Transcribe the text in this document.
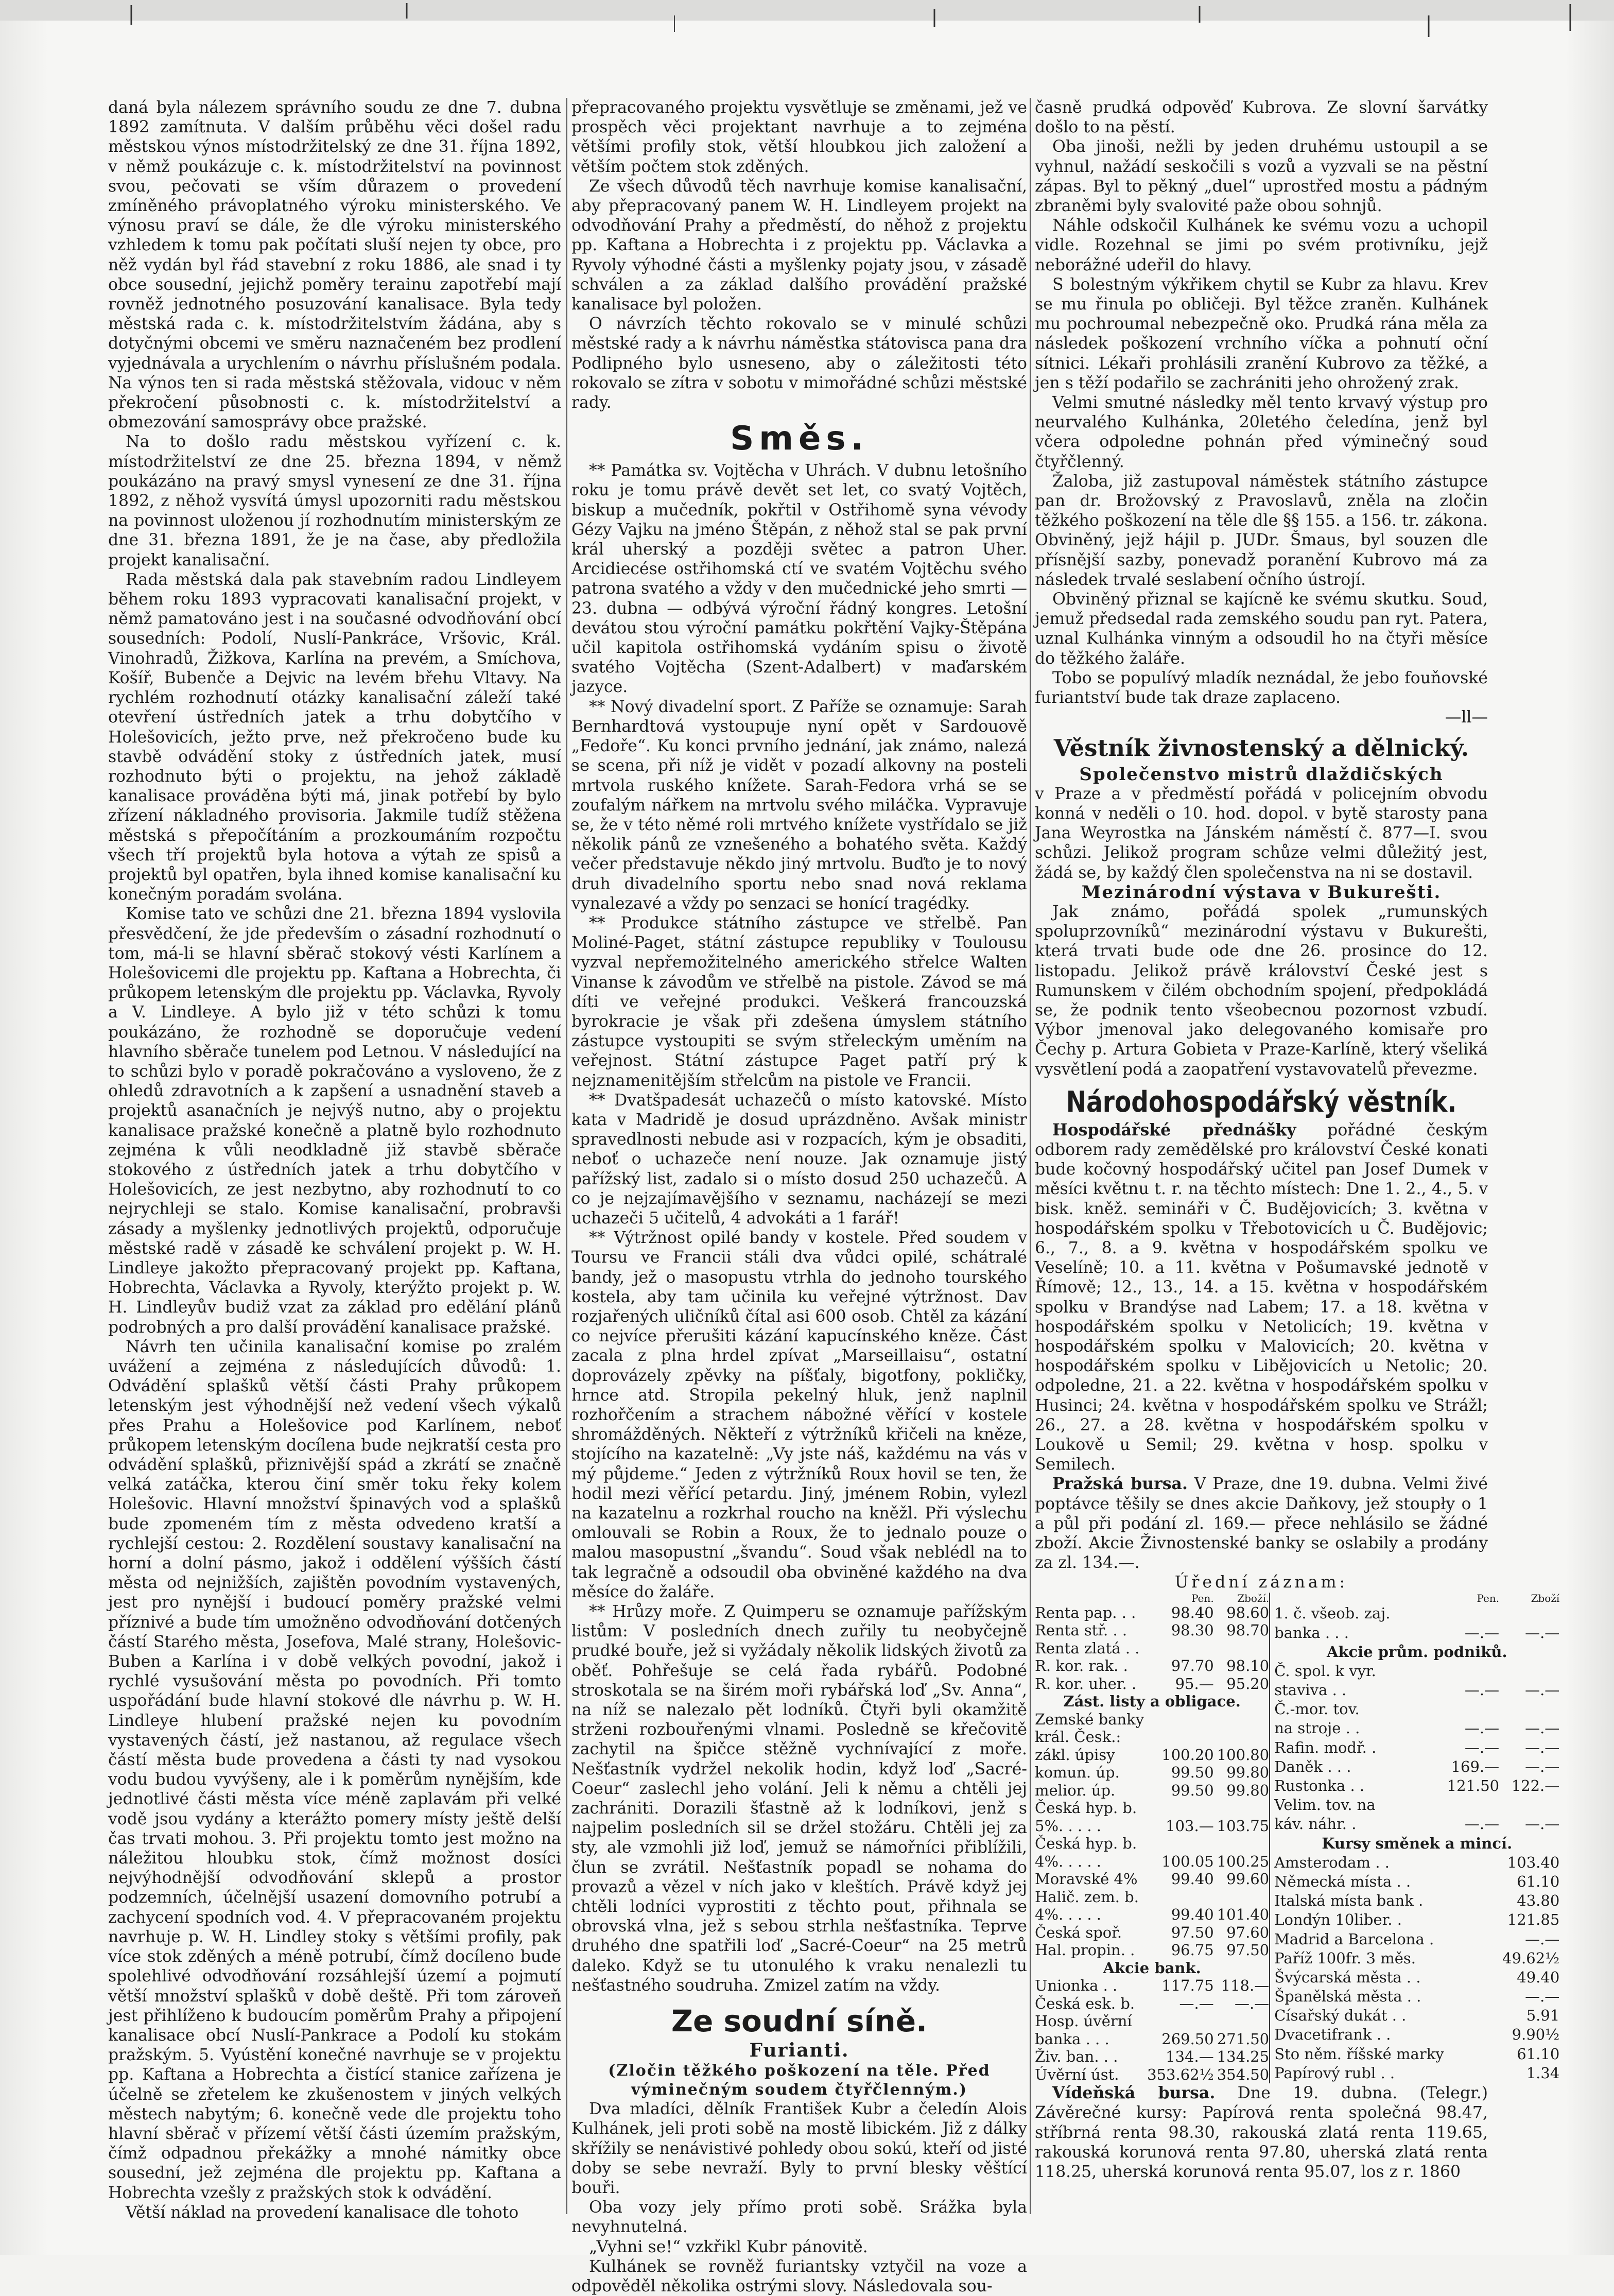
daná byla nálezem správního soudu ze dne 7. dubna 1892 zamítnuta. V dalším průběhu věci došel radu městskou výnos místodržitelský ze dne 31. října 1892, v němž poukázuje c. k. místodržitelství na povinnost svou, pečovati se vším důrazem o provedení zmíněného právoplatného výroku ministerského. Ve výnosu praví se dále, že dle výroku ministerského vzhledem k tomu pak počítati sluší nejen ty obce, pro něž vydán byl řád stavební z roku 1886, ale snad i ty obce sousední, jejichž poměry terainu zapotřebí mají rovněž jednotného posuzování kanalisace. Byla tedy městská rada c. k. místodržitelstvím žádána, aby s dotyčnými obcemi ve směru naznačeném bez prodlení vyjednávala a urychlením o návrhu příslušném podala. Na výnos ten si rada městská stěžovala, vidouc v něm překročení působnosti c. k. místodržitelství a obmezování samosprávy obce pražské.

Na to došlo radu městskou vyřízení c. k. místodržitelství ze dne 25. března 1894, v němž poukázáno na pravý smysl vynesení ze dne 31. října 1892, z něhož vysvítá úmysl upozorniti radu městskou na povinnost uloženou jí rozhodnutím ministerským ze dne 31. března 1891, že je na čase, aby předložila projekt kanalisační.

Rada městská dala pak stavebním radou Lindleyem během roku 1893 vypracovati kanalisační projekt, v němž pamatováno jest i na současné odvodňování obcí sousedních: Podolí, Nuslí-Pankráce, Vršovic, Král. Vinohradů, Žižkova, Karlína na prevém, a Smíchova, Košíř, Bubenče a Dejvic na levém břehu Vltavy. Na rychlém rozhodnutí otázky kanalisační záleží také otevření ústředních jatek a trhu dobytčího v Holešovicích, ježto prve, než překročeno bude ku stavbě odvádění stoky z ústředních jatek, musí rozhodnuto býti o projektu, na jehož základě kanalisace prováděna býti má, jinak potřebí by bylo zřízení nákladného provisoria. Jakmile tudíž stěžena městská s přepočítáním a prozkoumáním rozpočtu všech tří projektů byla hotova a výtah ze spisů a projektů byl opatřen, byla ihned komise kanalisační ku konečným poradám svolána.

Komise tato ve schůzi dne 21. března 1894 vyslovila přesvědčení, že jde především o zásadní rozhodnutí o tom, má-li se hlavní sběrač stokový vésti Karlínem a Holešovicemi dle projektu pp. Kaftana a Hobrechta, či průkopem letenským dle projektu pp. Václavka, Ryvoly a V. Lindleye. A bylo již v této schůzi k tomu poukázáno, že rozhodně se doporučuje vedení hlavního sběrače tunelem pod Letnou. V následující na to schůzi bylo v poradě pokračováno a vysloveno, že z ohledů zdravotních a k zapšení a usnadnění staveb a projektů asanačních je nejvýš nutno, aby o projektu kanalisace pražské konečně a platně bylo rozhodnuto zejména k vůli neodkladně již stavbě sběrače stokového z ústředních jatek a trhu dobytčího v Holešovicích, ze jest nezbytno, aby rozhodnutí to co nejrychleji se stalo. Komise kanalisační, probravši zásady a myšlenky jednotlivých projektů, odporučuje městské radě v zásadě ke schválení projekt p. W. H. Lindleye jakožto přepracovaný projekt pp. Kaftana, Hobrechta, Václavka a Ryvoly, kterýžto projekt p. W. H. Lindleyův budiž vzat za základ pro edělání plánů podrobných a pro další provádění kanalisace pražské.

Návrh ten učinila kanalisační komise po zralém uvážení a zejména z následujících důvodů: 1. Odvádění splašků větší části Prahy průkopem letenským jest výhodnější než vedení všech výkalů přes Prahu a Holešovice pod Karlínem, neboť průkopem letenským docílena bude nejkratší cesta pro odvádění splašků, přiznivější spád a zkrátí se značně velká zatáčka, kterou činí směr toku řeky kolem Holešovic. Hlavní množství špinavých vod a splašků bude zpomeném tím z města odvedeno kratší a rychlejší cestou: 2. Rozdělení soustavy kanalisační na horní a dolní pásmo, jakož i oddělení výšších částí města od nejnižších, zajištěn povodním vystavených, jest pro nynější i budoucí poměry pražské velmi příznivé a bude tím umožněno odvodňování dotčených částí Starého města, Josefova, Malé strany, Holešovic-Buben a Karlína i v době velkých povodní, jakož i rychlé vysušování města po povodních. Při tomto uspořádání bude hlavní stokové dle návrhu p. W. H. Lindleye hlubení pražské nejen ku povodním vystavených částí, jež nastanou, až regulace všech částí města bude provedena a části ty nad vysokou vodu budou vyvýšeny, ale i k poměrům nynějším, kde jednotlivé části města více méně zaplavám při velké vodě jsou vydány a kterážto pomery místy ještě delší čas trvati mohou. 3. Při projektu tomto jest možno na náležitou hloubku stok, čímž možnost dosíci nejvýhodnější odvodňování sklepů a prostor podzemních, účelnější usazení domovního potrubí a zachycení spodních vod. 4. V přepracovaném projektu navrhuje p. W. H. Lindley stoky s většími profily, pak více stok zděných a méně potrubí, čímž docíleno bude spolehlivé odvodňování rozsáhlejší území a pojmutí větší množství splašků v době deště. Při tom zároveň jest přihlíženo k budoucím poměrům Prahy a připojení kanalisace obcí Nuslí-Pankrace a Podolí ku stokám pražským. 5. Vyústění konečné navrhuje se v projektu pp. Kaftana a Hobrechta a čistící stanice zařízena je účelně se zřetelem ke zkušenostem v jiných velkých městech nabytým; 6. konečně vede dle projektu toho hlavní sběrač v přízemí větší části územím pražským, čímž odpadnou překážky a mnohé námitky obce sousední, jež zejména dle projektu pp. Kaftana a Hobrechta vzešly z pražských stok k odvádění.

Větší náklad na provedení kanalisace dle tohoto

přepracovaného projektu vysvětluje se změnami, jež ve prospěch věci projektant navrhuje a to zejména většími profily stok, větší hloubkou jich založení a větším počtem stok zděných.

Ze všech důvodů těch navrhuje komise kanalisační, aby přepracovaný panem W. H. Lindleyem projekt na odvodňování Prahy a předměstí, do něhož z projektu pp. Kaftana a Hobrechta i z projektu pp. Václavka a Ryvoly výhodné části a myšlenky pojaty jsou, v zásadě schválen a za základ dalšího provádění pražské kanalisace byl položen.

O návrzích těchto rokovalo se v minulé schůzi městské rady a k návrhu náměstka státovisca pana dra Podlipného bylo usneseno, aby o záležitosti této rokovalo se zítra v sobotu v mimořádné schůzi městské rady.

Směs.

** Památka sv. Vojtěcha v Uhrách. V dubnu letošního roku je tomu právě devět set let, co svatý Vojtěch, biskup a mučedník, pokřtil v Ostřihomě syna vévody Gézy Vajku na jméno Štěpán, z něhož stal se pak první král uherský a později světec a patron Uher. Arcidiecése ostřihomská ctí ve svatém Vojtěchu svého patrona svatého a vždy v den mučednické jeho smrti — 23. dubna — odbývá výroční řádný kongres. Letošní devátou stou výroční památku pokřtění Vajky-Štěpána učil kapitola ostřihomská vydáním spisu o životě svatého Vojtěcha (Szent-Adalbert) v maďarském jazyce.

** Nový divadelní sport. Z Paříže se oznamuje: Sarah Bernhardtová vystoupuje nyní opět v Sardouově „Fedoře“. Ku konci prvního jednání, jak známo, nalezá se scena, při níž je vidět v pozadí alkovny na posteli mrtvola ruského knížete. Sarah-Fedora vrhá se se zoufalým nářkem na mrtvolu svého miláčka. Vypravuje se, že v této němé roli mrtvého knížete vystřídalo se již několik pánů ze vznešeného a bohatého světa. Každý večer představuje někdo jiný mrtvolu. Buďto je to nový druh divadelního sportu nebo snad nová reklama vynalezavé a vždy po senzaci se honící tragédky.

** Produkce státního zástupce ve střelbě. Pan Moliné-Paget, státní zástupce republiky v Toulousu vyzval nepřemožitelného amerického střelce Walten Vinanse k závodům ve střelbě na pistole. Závod se má díti ve veřejné produkci. Veškerá francouzská byrokracie je však při zdešena úmyslem státního zástupce vystoupiti se svým střeleckým uměním na veřejnost. Státní zástupce Paget patří prý k nejznamenitějším střelcům na pistole ve Francii.

** Dvatšpadesát uchazečů o místo katovské. Místo kata v Madridě je dosud uprázdněno. Avšak ministr spravedlnosti nebude asi v rozpacích, kým je obsaditi, neboť o uchazeče není nouze. Jak oznamuje jistý pařížský list, zadalo si o místo dosud 250 uchazečů. A co je nejzajímavějšího v seznamu, nacházejí se mezi uchazeči 5 učitelů, 4 advokáti a 1 farář!

** Výtržnost opilé bandy v kostele. Před soudem v Toursu ve Francii stáli dva vůdci opilé, schátralé bandy, jež o masopustu vtrhla do jednoho tourského kostela, aby tam učinila ku veřejné výtržnost. Dav rozjařených uličníků čítal asi 600 osob. Chtěl za kázání co nejvíce přerušiti kázání kapucínského kněze. Část zacala z plna hrdel zpívat „Marseillaisu“, ostatní doprovázely zpěvky na píšťaly, bigotfony, pokličky, hrnce atd. Stropila pekelný hluk, jenž naplnil rozhořčením a strachem nábožné věřící v kostele shromážděných. Někteří z výtržníků křičeli na kněze, stojícího na kazatelně: „Vy jste náš, každému na vás v mý půjdeme.“ Jeden z výtržníků Roux hovil se ten, že hodil mezi věřící petardu. Jiný, jménem Robin, vylezl na kazatelnu a rozkrhal roucho na kněžl. Při výslechu omlouvali se Robin a Roux, že to jednalo pouze o malou masopustní „švandu“. Soud však neblédl na to tak legračně a odsoudil oba obviněné každého na dva měsíce do žaláře.

** Hrůzy moře. Z Quimperu se oznamuje pařížským listům: V posledních dnech zuřily tu neobyčejně prudké bouře, jež si vyžádaly několik lidských životů za oběť. Pohřešuje se celá řada rybářů. Podobné stroskotala se na širém moři rybářská loď „Sv. Anna“, na níž se nalezalo pět lodníků. Čtyři byli okamžitě strženi rozbouřenými vlnami. Posledně se křečovitě zachytil na špičce stěžně vychnívající z moře. Nešťastník vydržel nekolik hodin, když loď „Sacré-Coeur“ zaslechl jeho volání. Jeli k němu a chtěli jej zachrániti. Dorazili šťastně až k lodníkovi, jenž s najpelim posledních sil se držel stožáru. Chtěli jej za sty, ale vzmohli již loď, jemuž se námořníci přiblížili, člun se zvrátil. Nešťastník popadl se nohama do provazů a vězel v ních jako v kleštích. Právě když jej chtěli lodníci vyprostiti z těchto pout, přihnala se obrovská vlna, jež s sebou strhla nešťastníka. Teprve druhého dne spatřili loď „Sacré-Coeur“ na 25 metrů daleko. Když se tu utonulého k vraku nenalezli tu nešťastného soudruha. Zmizel zatím na vždy.

Ze soudní síně.
Furianti.
(Zločin těžkého poškození na těle. Před výminečným soudem čtyřčlenným.)

Dva mladíci, dělník František Kubr a čeledín Alois Kulhánek, jeli proti sobě na mostě libickém. Již z dálky skřížily se nenávistivé pohledy obou sokú, kteří od jisté doby se sebe nevraží. Byly to první blesky věštící bouři.

Oba vozy jely přímo proti sobě. Srážka byla nevyhnutelná.

„Vyhni se!“ vzkřikl Kubr pánovitě.

Kulhánek se rovněž furiantsky vztyčil na voze a odpověděl několika ostrými slovy. Následovala sou-

časně prudká odpověď Kubrova. Ze slovní šarvátky došlo to na pěstí.

Oba jinoši, nežli by jeden druhému ustoupil a se vyhnul, nažádí seskočili s vozů a vyzvali se na pěstní zápas. Byl to pěkný „duel“ uprostřed mostu a pádným zbraněmi byly svalovité paže obou sohnjů.

Náhle odskočil Kulhánek ke svému vozu a uchopil vidle. Rozehnal se jimi po svém protivníku, jejž neborážné udeřil do hlavy.

S bolestným výkřikem chytil se Kubr za hlavu. Krev se mu řinula po obličeji. Byl těžce zraněn. Kulhánek mu pochroumal nebezpečně oko. Prudká rána měla za následek poškození vrchního víčka a pohnutí oční sítnici. Lékaři prohlásili zranění Kubrovo za těžké, a jen s těží podařilo se zachrániti jeho ohrožený zrak.

Velmi smutné následky měl tento krvavý výstup pro neurvalého Kulhánka, 20letého čeledína, jenž byl včera odpoledne pohnán před výminečný soud čtyřčlenný.

Žaloba, již zastupoval náměstek státního zástupce pan dr. Brožovský z Pravoslavů, zněla na zločin těžkého poškození na těle dle §§ 155. a 156. tr. zákona. Obviněný, jejž hájil p. JUDr. Šmaus, byl souzen dle přísnější sazby, ponevadž poranění Kubrovo má za následek trvalé seslabení očního ústrojí.

Obviněný přiznal se kajícně ke svému skutku. Soud, jemuž předsedal rada zemského soudu pan ryt. Patera, uznal Kulhánka vinným a odsoudil ho na čtyři měsíce do těžkého žaláře.

Tobo se populívý mladík neznádal, že jebo fouňovské furiantství bude tak draze zaplaceno.

—ll—
Věstník živnostenský a dělnický.
Společenstvo mistrů dlaždičských

v Praze a v předměstí pořádá v policejním obvodu konná v neděli o 10. hod. dopol. v bytě starosty pana Jana Weyrostka na Jánském náměstí č. 877—I. svou schůzi. Jelikož program schůze velmi důležitý jest, žádá se, by každý člen společenstva na ni se dostavil.

Mezinárodní výstava v Bukurešti.

Jak známo, pořádá spolek „rumunských spoluprzovníků“ mezinárodní výstavu v Bukurešti, která trvati bude ode dne 26. prosince do 12. listopadu. Jelikož právě království České jest s Rumunskem v čilém obchodním spojení, předpokládá se, že podnik tento všeobecnou pozornost vzbudí. Výbor jmenoval jako delegovaného komisaře pro Čechy p. Artura Gobieta v Praze-Karlíně, který všeliká vysvětlení podá a zaopatření vystavovatelů převezme.

Národohospodářský věstník.

Hospodářské přednášky pořádné českým odborem rady zemědělské pro království České konati bude kočovný hospodářský učitel pan Josef Dumek v měsíci květnu t. r. na těchto místech: Dne 1. 2., 4., 5. v bisk. kněž. semináři v Č. Budějovicích; 3. května v hospodářském spolku v Třebotovicích u Č. Budějovic; 6., 7., 8. a 9. května v hospodářském spolku ve Veselíně; 10. a 11. května v Pošumavské jednotě v Římově; 12., 13., 14. a 15. května v hospodářském spolku v Brandýse nad Labem; 17. a 18. května v hospodářském spolku v Netolicích; 19. května v hospodářském spolku v Malovicích; 20. května v hospodářském spolku v Libějovicích u Netolic; 20. odpoledne, 21. a 22. května v hospodářském spolku v Husinci; 24. května v hospodářském spolku ve Strážl; 26., 27. a 28. května v hospodářském spolku v Loukově u Semil; 29. května v hosp. spolku v Semilech.

Pražská bursa. V Praze, dne 19. dubna. Velmi živé poptávce těšily se dnes akcie Daňkovy, jež stoupły o 1 a půl při podání zl. 169.— přece nehlásilo se žádné zboží. Akcie Živnostenské banky se oslabily a prodány za zl. 134.—.

Úřední záznam:
	Pen.	Zboží.
Renta pap. . .	98.40	98.60
Renta stř. . .	98.30	98.70
Renta zlatá . .		
R. kor. rak. .	97.70	98.10
R. kor. uher. .	95.—	95.20
Zást. listy a obligace.		
Zemské banky		
král. Česk.:		
zákl. úpisy	100.20	100.80
komun. úp.	99.50	99.80
melior. úp.	99.50	99.80
Česká hyp. b.		
5%. . . . .	103.—	103.75
Česká hyp. b.		
4%. . . . .	100.05	100.25
Moravské 4%	99.40	99.60
Halič. zem. b.		
4%. . . . .	99.40	101.40
Česká spoř.	97.50	97.60
Hal. propin. .	96.75	97.50
Akcie bank.		
Unionka . .	117.75	118.—
Česká esk. b.	—.—	—.—
Hosp. úvěrní		
banka . . .	269.50	271.50
Živ. ban. . .	134.—	134.25
Úvěrní úst.	353.62½	354.50
	Pen.	Zboží
1. č. všeob. zaj.		
banka . . .	—.—	—.—
Akcie prům. podniků.		
Č. spol. k vyr.		
staviva . .	—.—	—.—
Č.-mor. tov.		
na stroje . .	—.—	—.—
Rafin. modř. .	—.—	—.—
Daněk . . .	169.—	—.—
Rustonka . .	121.50	122.—
Velim. tov. na		
káv. náhr. .	—.—	—.—
Kursy směnek a mincí.		
Amsterodam . .		103.40
Německá místa . .		61.10
Italská místa bank .		43.80
Londýn 10liber. .		121.85
Madrid a Barcelona .		—.—
Paříž 100fr. 3 měs.		49.62½
Švýcarská města . .		49.40
Španělská města . .		—.—
Císařský dukát . .		5.91
Dvacetifrank . .		9.90½
Sto něm. říšské marky		61.10
Papírový rubl . .		1.34

Vídeňská bursa. Dne 19. dubna. (Telegr.) Závěrečné kursy: Papírová renta společná 98.47, stříbrná renta 98.30, rakouská zlatá renta 119.65, rakouská korunová renta 97.80, uherská zlatá renta 118.25, uherská korunová renta 95.07, los z r. 1860
